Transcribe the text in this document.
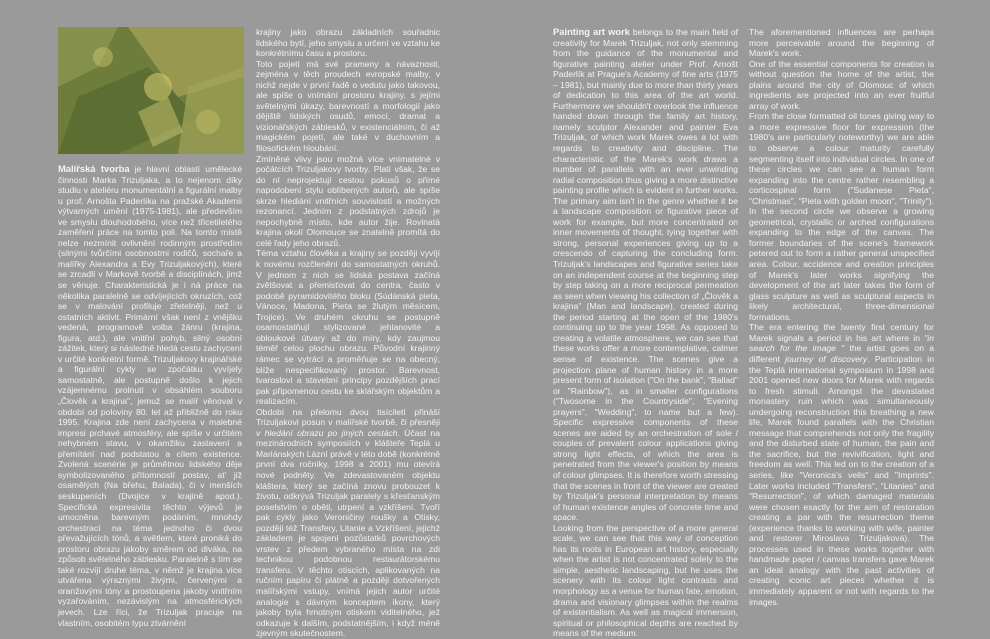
Malířská tvorba je hlavní oblastí umělecké činnosti Marka Trizuljaka, a to nejenom díky studiu v ateliéru monumentální a figurální malby u prof. Arnošta Paderlíka na pražské Akademii výtvarných umění (1975-1981), ale především ve smyslu dlouhodobého, více než třicetiletého zaměření práce na tomto poli. Na tomto místě nelze nezmínit ovlivnění rodinným prostředím (silnými tvůrčími osobnostmi rodičů, sochaře a malířky Alexandra a Evy Trizuljakových), které se zrcadlí v Markově tvorbě a disciplínách, jimž se věnuje. Charakteristická je i ná práce na několika paralelně se odvíjejících okruzích, což se v malování profiluje zřetelněji, než u ostatních aktivit. Primární však není z vnějšku vedená, programově volba žánru (krajina, figura, atd.), ale vnitřní pohyb, silný osobní zážitek, který si následně hledá cestu zachycení v určité konkrétní formě. Trizuljakovy krajinářské a figurální cykly se zpočátku vyvíjely samostatně, ale postupně došlo k jejich vzájemnému prolnutí v obsáhlém souboru „Člověk a krajina", jemuž se malíř věnoval v období od poloviny 80. let až přibližně do roku 1995. Krajina zde není zachycena v malebné impresi prchavé atmosféry, ale spíše v určitém nehybném stavu, v okamžiku zastavení a přemítání nad podstatou a cílem existence. Zvolená scenérie je průmětnou lidského děje symbolizovaného přítomností postav, at' již osamělých (Na břehu, Balada), či v menších seskupeních (Dvojice v krajině apod.). Specifická expresivita těchto výjevů je umocněna barevným podáním, mnohdy orchestrací na téma jednoho či dvou převažujících tónů, a světlem, které proniká do prostoru obrazu jakoby směrem od diváka, na způsob světelného záblesku. Paralelně s tím se také rozvíjí druhé téma, v němž je krajina více utvářena výraznými živými, červenými a oranžovými tóny a prostoupena jakoby vnitřním vyzařováním, nezávislým na atmosférických jevech. Lze říci, že Trizuljak pracuje na vlastním, osobitém typu ztvárnění

krajiny jako obrazu základních souřadnic lidského bytí, jeho smyslu a určení ve vztahu ke konkrétnímu času a prostoru.

Toto pojetí má své prameny a návaznosti, zejména v těch proudech evropské malby, v nichž nejde v první řadě o vedutu jako takovou, ale spíše o vnímání prostoru krajiny, s jejími světelnými úkazy, barevností a morfologií jako dějiště lidských osudů, emocí, dramat a vizionářských záblesků, v existenciálním, či až magickém pojetí, ale také v duchovním a filosofickém hloubání.

Zmíněné vlivy jsou možná více vnímatelné v počátcích Trizuljakovy tvorby. Platí však, že se do ní neprojektují cestou pokusů o přímé napodobení stylu oblíbených autorů, ale spíše skrze hlediání vnitřních souvislostí a možných rezonancí. Jedním z podstatných zdrojů je nepochybně místo, kde autor žije. Rovinatá krajina okolí Olomouce se znatelně promítá do celé řady jeho obrazů.

Téma vztahu člověka a krajiny se později vyvíjí k novému rozčlenění do samostatných okruhů. V jednom z nich se lidská postava začíná zvětšovat a přemisťovat do centra, často v podobě pyramidovitého bloku (Súdánská pieta, Vánoce, Madona, Pieta se žlutým měsícem, Trojice). Ve druhém okruhu se postupně osamostatňují stylizované jehlanovité a obloukové útvary až do míry, kdy zaujmou téměř celou plochu obrazu. Původní krajinný rámec se vytrácí a proměňuje se na obecný, blíže nespecifikovaný prostor. Barevnost, tvarosloví a stavební principy pozdějších prací pak připomenou cestu ke sklářským objektům a realizacím.

Období na přelomu dvou tisíciletí přináší Trizuljakovi posun v malířské tvorbě, či přesněji v hledání obrazu po jiných cestách. Účast na mezinárodních symposiích v klášteře Teplá u Mariánských Lázní právě v této době (konkrétně první dva ročníky, 1998 a 2001) mu otevírá nové podněty. Ve zdevastovaném objektu kláštera, který se začíná znovu probouzet k životu, odkrývá Trizuljak paralely s křesťanským poselstvím o oběti, utrpení a vzkříšení. Tvoří pak cykly jako Veroničiny roušky a Otisky, později též Transfery, Litanie a Vzkříšení, jejichž základem je spojení pozůstatků povrchových vrstev z předem vybraného místa na zdi technikou podobnou restaurátorskému transferu. V těchto otiscích, aplikovaných na ručním papíru či plátně a později dotvořených malířskými vstupy, vnímá jejich autor určité analogie s dávným konceptem ikony, který jakoby byla hmotným otiskem viditelného, jež odkazuje k dalším, podstatnějším, i když méně zjevným skutečnostem.

Painting art work belongs to the main field of creativity for Marek Trizuljak, not only stemming from the guidance of the monumental and figurative painting atelier under Prof. Arnošt Paderlík at Prague's Academy of fine arts (1975 – 1981), but mainly due to more than thirty years of dedication to this area of the art world. Furthermore we shouldn't overlook the influence handed down through the family art history, namely sculptor Alexander and painter Eva Trizuljak, of which work Marek owes a lot with regards to creativity and discipline. The characteristic of the Marek's work draws a number of parallels with an ever unwinding radial composition thus giving a more distinctive painting profile which is evident in further works. The primary aim isn't in the genre whether it be a landscape composition or figurative piece of work for example, but more concentrated on inner movements of thought, tying together with strong, personal experiences giving up to a crescendo of capturing the concluding form. Trizuljak's landscapes and figurative series take on an independent course at the beginning step by step taking on a more reciprocal permeation as seen when viewing his collection of „Člověk a krajina" (Man and landscape), created during the period starting at the open of the 1980's continuing up to the year 1998. As opposed to creating a volatile atmosphere, we can see that these works offer a more contemplative, calmer sense of existence. The scenes give a projection plane of human history in a more present form of isolation ("On the bank", "Ballad" or "Rainbow"), as in smaller configurations ("Twosome in the Countryside", "Evening prayers", "Wedding", to name but a few). Specific expressive components of these scenes are aided by an orchestration of sole / couples of prevalent colour applications giving strong light effects, of which the area is penetrated from the viewer's position by means of colour glimpses. It is therefore worth stressing that the scenes in front of the viewer are created by Trizuljak's personal interpretation by means of human existence angles of concrete time and space.

Looking from the perspective of a more general scale, we can see that this way of conception has its roots in European art history, especially when the artist is not concentrated solely to the simple, aesthetic landscaping, but he uses the scenery with its colour light contrasts and morphology as a venue for human fate, emotion, drama and visionary glimpses within the realms of existentialism. As well as magical immersion, spiritual or philosophical depths are reached by means of the medium.

The aforementioned influences are perhaps more perceivable around the beginning of Marek's work.

One of the essential components for creation is without question the home of the artist, the plains around the city of Olomouc of which ingredients are projected into an ever fruitful array of work.

From the close formatted oil tones giving way to a more expressive floor for expression (the 1980's are particularly noteworthy) we are able to observe a colour maturity carefully segmenting itself into individual circles. In one of these circles we can see a human form expanding into the centre rather resembling a corticospinal form ("Sudanese Pieta", "Christmas", "Pieta with golden moon", "Trinity"). In the second circle we observe a growing geometrical, crystallic or arched configurations expanding to the edge of the canvas. The former boundaries of the scene's framework petered out to form a rather general unspecified area. Colour, accidence and creation principles of Marek's later works signifying the development of the art later takes the form of glass sculpture as well as sculptural aspects in likely architectural, three-dimensional formations.

The era entering the twenty first century for Marek signals a period in his art where in "in search for the image " the artist goes on a different journey of discovery. Participation in the Teplá international symposium in 1998 and 2001 opened new doors for Marek with regards to fresh stimuli. Amongst the devastated monastery ruin which was simultaneously undergoing reconstruction this breathing a new life, Marek found parallels with the Christian message that comprehends not only the fragility and the disturbed state of human, the pain and the sacrifice, but the revivification, light and freedom as well. This led on to the creation of a series, like "Veronica's veils" and "Imprints". Later works included "Transfers", "Litanies" and "Resurrection", of which damaged materials were chosen exactly for the aim of restoration creating a par with the resurrection theme (experience thanks to working with wife, painter and restorer Miroslava Trizuljaková). The processes used in these works together with handmade paper / canvas transfers gave Marek an ideal analogy with the past activities of creating iconic art pieces whether it is immediately apparent or not with regards to the images.
